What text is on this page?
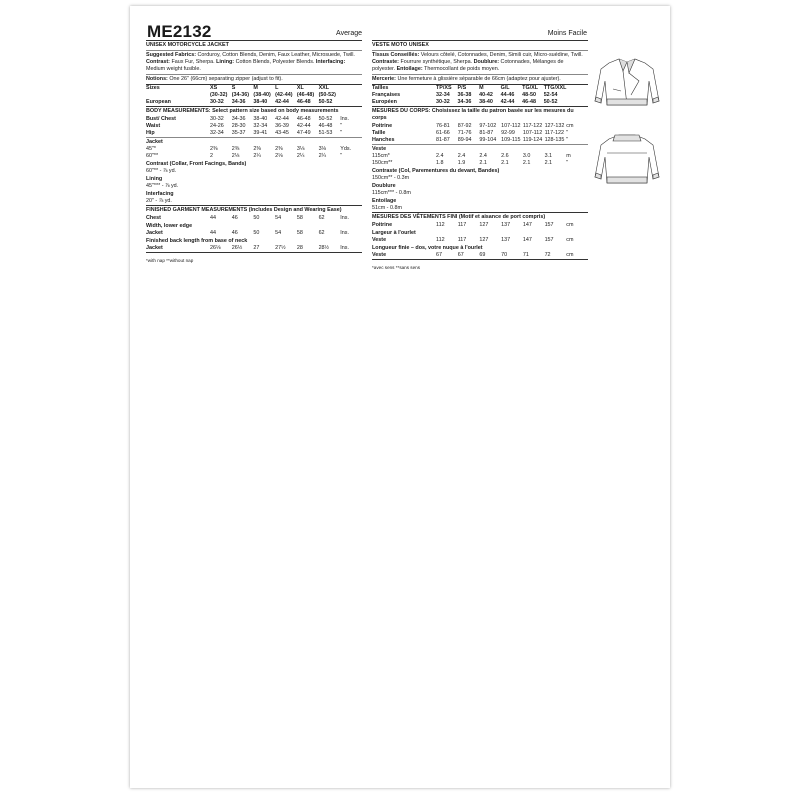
ME2132	Average	Moins Facile
UNISEX MOTORCYCLE JACKET
Suggested Fabrics: Corduroy, Cotton Blends, Denim, Faux Leather, Microsuede, Twill. Contrast: Faux Fur, Sherpa. Lining: Cotton Blends, Polyester Blends. Interfacing: Medium weight fusible.
Notions: One 26" (66cm) separating zipper (adjust to fit).
Sizes	XS	S	M	L	XL	XXL
(30-32) (34-36) (38-40) (42-44) (46-48) (50-52)
European	30-32	34-36	38-40	42-44	46-48	50-52
BODY MEASUREMENTS: Select pattern size based on body measurements
Bust/ Chest	30-32	34-36	38-40	42-44	46-48	50-52	Ins.
Waist	24-26	28-30	32-34	36-39	42-44	46-48	"
Hip	32-34	35-37	39-41	43-45	47-49	51-53	"
Jacket
45"*	2⅜	2⅜	2⅜	2⅜	3⅛	3⅛	Yds.
60"**	2	2⅛	2¼	2⅛	2¼	2¼	"
Contrast (Collar, Front Facings, Bands)
60"** - ⅞ yd.
Lining
45"*** - ⅞ yd.
Interfacing
20" - ⅞ yd.
FINISHED GARMENT MEASUREMENTS (Includes Design and Wearing Ease)
Chest	44	46	50	54	58	62	Ins.
Width, lower edge
Jacket	44	46	50	54	58	62	Ins.
Finished back length from base of neck
Jacket	26⅛	26½	27	27½	28	28½	Ins.
*with nap **without nap
VESTE MOTO UNISEX
Tissus Conseillés: Velours côtelé, Cotonnades, Denim, Simili cuir, Micro-suédine, Twill. Contraste: Fourrure synthétique, Sherpa. Doublure: Cotonnades, Mélanges de polyester. Entoilage: Thermocollant de poids moyen.
Mercerie: Une fermeture à glissière séparable de 66cm (adaptez pour ajuster).
Tailles	TP/XS	P/S	M	G/L	TG/XL	TTG/XXL
Françaises	32-34	36-38	40-42	44-46	48-50	52-54
Européen	30-32	34-36	38-40	42-44	46-48	50-52
MESURES DU CORPS: Choisissez la taille du patron basée sur les mesures du corps
Poitrine	76-81	87-92	97-102 107-112 117-122 127-132 cm
Taille	61-66	71-76	81-87	92-99	107-112 117-122 "
Hanches	81-87	89-94	99-104 109-115 119-124 128-135 "
Veste
115cm*	2.4	2.4	2.4	2.6	3.0	3.1	m
150cm**	1.8	1.9	2.1	2.1	2.1	2.1	"
Contraste (Col, Parementures du devant, Bandes)
150cm** - 0.3m
Doublure
115cm*** - 0.8m
Entoilage
51cm - 0.8m
MESURES DES VÊTEMENTS FINI (Motif et aisance de port compris)
Poitrine	112	117	127	137	147	157	cm
Largeur à l'ourlet
Veste	112	117	127	137	147	157	cm
Longueur finie – dos, votre nuque à l'ourlet
Veste	67	67	69	70	71	72	cm
*avec sens **sans sens
